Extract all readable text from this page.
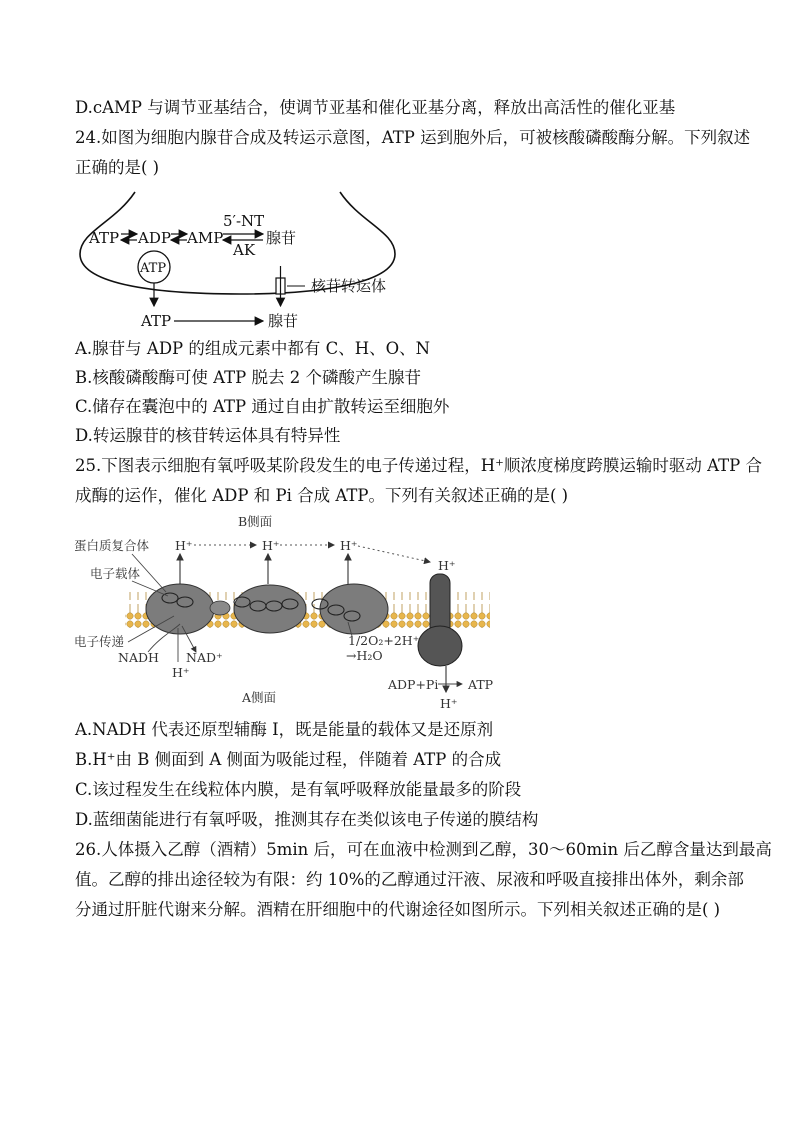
D.cAMP 与调节亚基结合，使调节亚基和催化亚基分离，释放出高活性的催化亚基
24.如图为细胞内腺苷合成及转运示意图，ATP 运到胞外后，可被核酸磷酸酶分解。下列叙述
正确的是( )
ATP ADP AMP
5′-NT
AK
腺苷
ATP
核苷转运体
ATP	腺苷
A.腺苷与 ADP 的组成元素中都有 C、H、O、N
B.核酸磷酸酶可使 ATP 脱去 2 个磷酸产生腺苷
C.储存在囊泡中的 ATP 通过自由扩散转运至细胞外
D.转运腺苷的核苷转运体具有特异性
25.下图表示细胞有氧呼吸某阶段发生的电子传递过程，H⁺顺浓度梯度跨膜运输时驱动 ATP 合
成酶的运作，催化 ADP 和 Pi 合成 ATP。下列有关叙述正确的是( )
B侧面
H⁺	H⁺	H⁺
H⁺
蛋白质复合体
电子载体
电子传递
NADH NAD⁺
H⁺
1/2O₂+2H⁺
→H₂O
ADP+Pi ATP
H⁺
A侧面
A.NADH 代表还原型辅酶 I，既是能量的载体又是还原剂
B.H⁺由 B 侧面到 A 侧面为吸能过程，伴随着 ATP 的合成
C.该过程发生在线粒体内膜，是有氧呼吸释放能量最多的阶段
D.蓝细菌能进行有氧呼吸，推测其存在类似该电子传递的膜结构
26.人体摄入乙醇（酒精）5min 后，可在血液中检测到乙醇，30～60min 后乙醇含量达到最高
值。乙醇的排出途径较为有限：约 10%的乙醇通过汗液、尿液和呼吸直接排出体外，剩余部
分通过肝脏代谢来分解。酒精在肝细胞中的代谢途径如图所示。下列相关叙述正确的是( )
